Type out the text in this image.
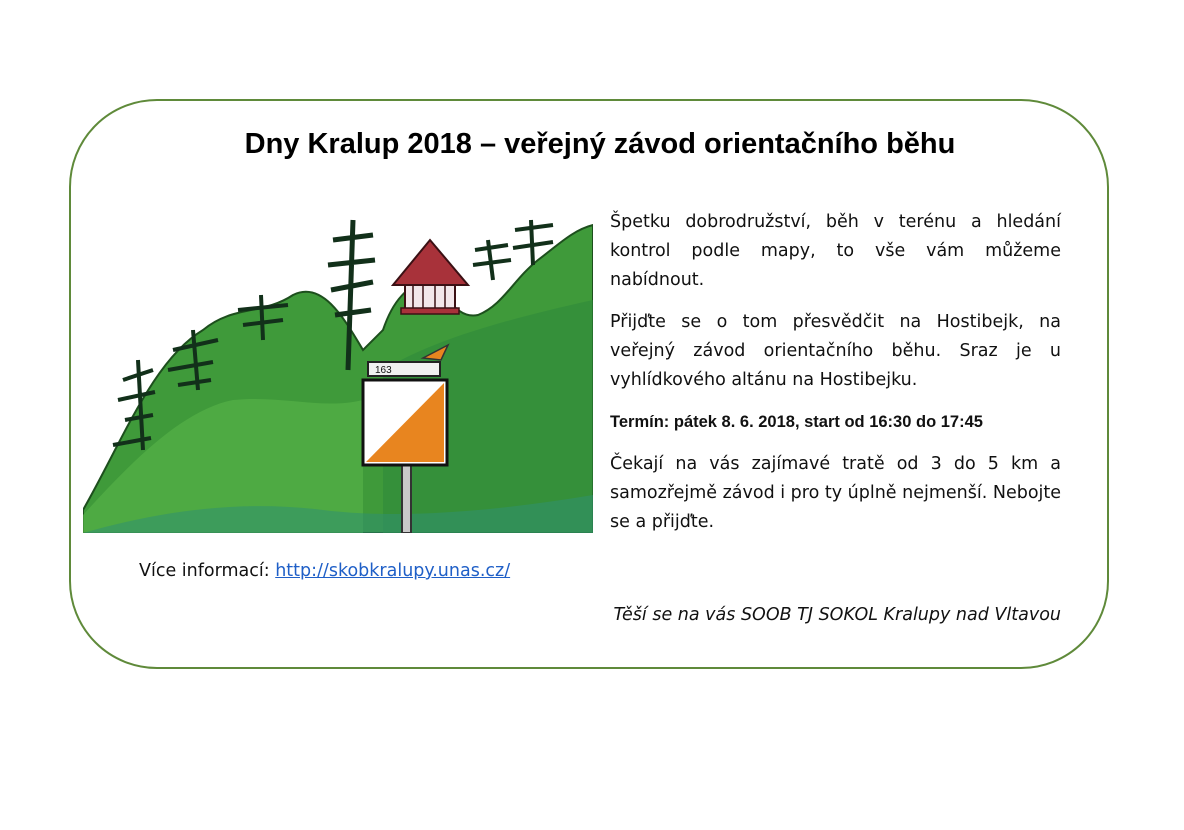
Dny Kralup 2018 – veřejný závod orientačního běhu
163

Špetku dobrodružství, běh v terénu a hledání kontrol podle mapy, to vše vám můžeme nabídnout.

Přijďte se o tom přesvědčit na Hostibejk, na veřejný závod orientačního běhu. Sraz je u vyhlídkového altánu na Hostibejku.

Termín: pátek 8. 6. 2018, start od 16:30 do 17:45

Čekají na vás zajímavé tratě od 3 do 5 km a samozřejmě závod i pro ty úplně nejmenší. Nebojte se a přijďte.

Více informací: http://skobkralupy.unas.cz/
Těší se na vás SOOB TJ SOKOL Kralupy nad Vltavou
